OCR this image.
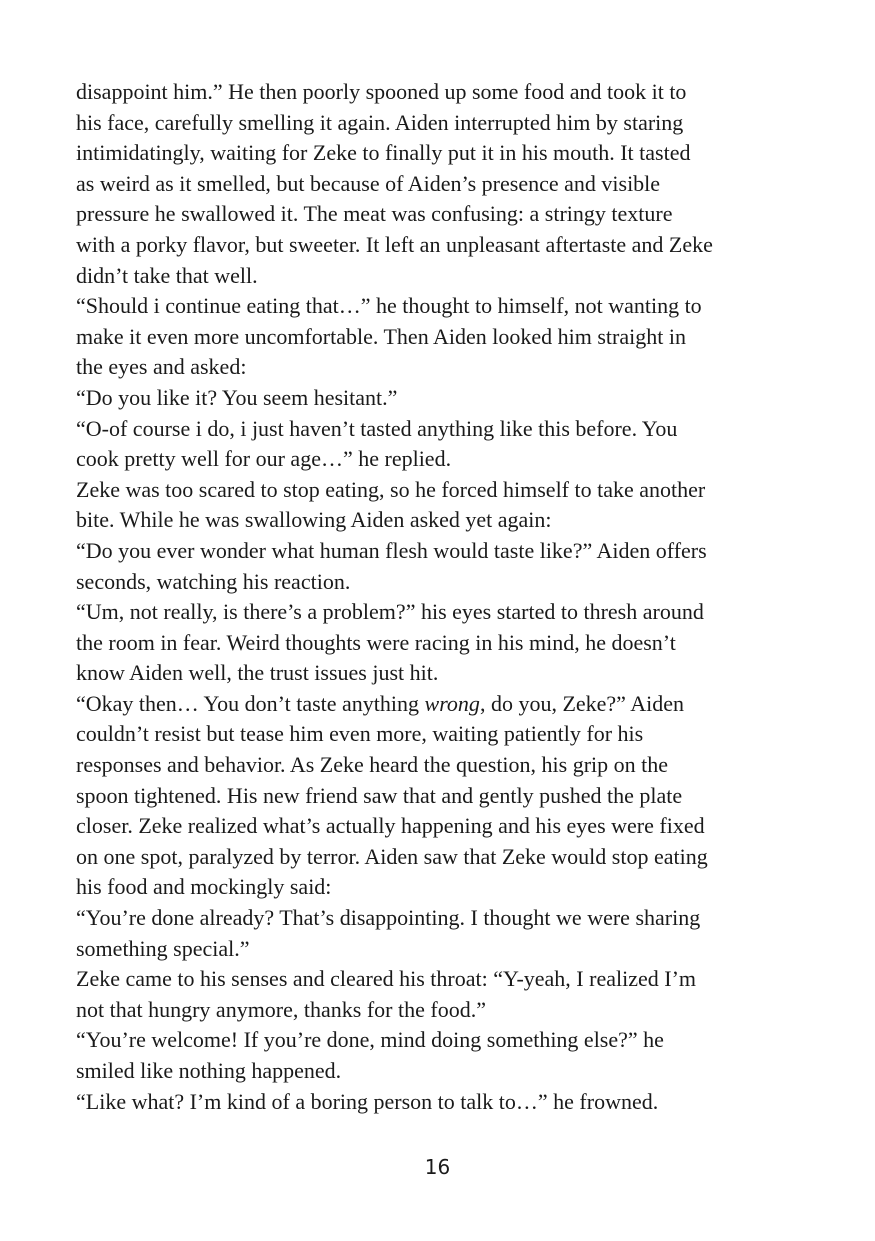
disappoint him.” He then poorly spooned up some food and took it to
his face, carefully smelling it again. Aiden interrupted him by staring
intimidatingly, waiting for Zeke to finally put it in his mouth. It tasted
as weird as it smelled, but because of Aiden’s presence and visible
pressure he swallowed it. The meat was confusing: a stringy texture
with a porky flavor, but sweeter. It left an unpleasant aftertaste and Zeke
didn’t take that well.
“Should i continue eating that…” he thought to himself, not wanting to
make it even more uncomfortable. Then Aiden looked him straight in
the eyes and asked:
“Do you like it? You seem hesitant.”
“O-of course i do, i just haven’t tasted anything like this before. You
cook pretty well for our age…” he replied.
Zeke was too scared to stop eating, so he forced himself to take another
bite. While he was swallowing Aiden asked yet again:
“Do you ever wonder what human flesh would taste like?” Aiden offers
seconds, watching his reaction.
“Um, not really, is there’s a problem?” his eyes started to thresh around
the room in fear. Weird thoughts were racing in his mind, he doesn’t
know Aiden well, the trust issues just hit.
“Okay then… You don’t taste anything wrong, do you, Zeke?” Aiden
couldn’t resist but tease him even more, waiting patiently for his
responses and behavior. As Zeke heard the question, his grip on the
spoon tightened. His new friend saw that and gently pushed the plate
closer. Zeke realized what’s actually happening and his eyes were fixed
on one spot, paralyzed by terror. Aiden saw that Zeke would stop eating
his food and mockingly said:
“You’re done already? That’s disappointing. I thought we were sharing
something special.”
Zeke came to his senses and cleared his throat: “Y-yeah, I realized I’m
not that hungry anymore, thanks for the food.”
“You’re welcome! If you’re done, mind doing something else?” he
smiled like nothing happened.
“Like what? I’m kind of a boring person to talk to…” he frowned.
16
